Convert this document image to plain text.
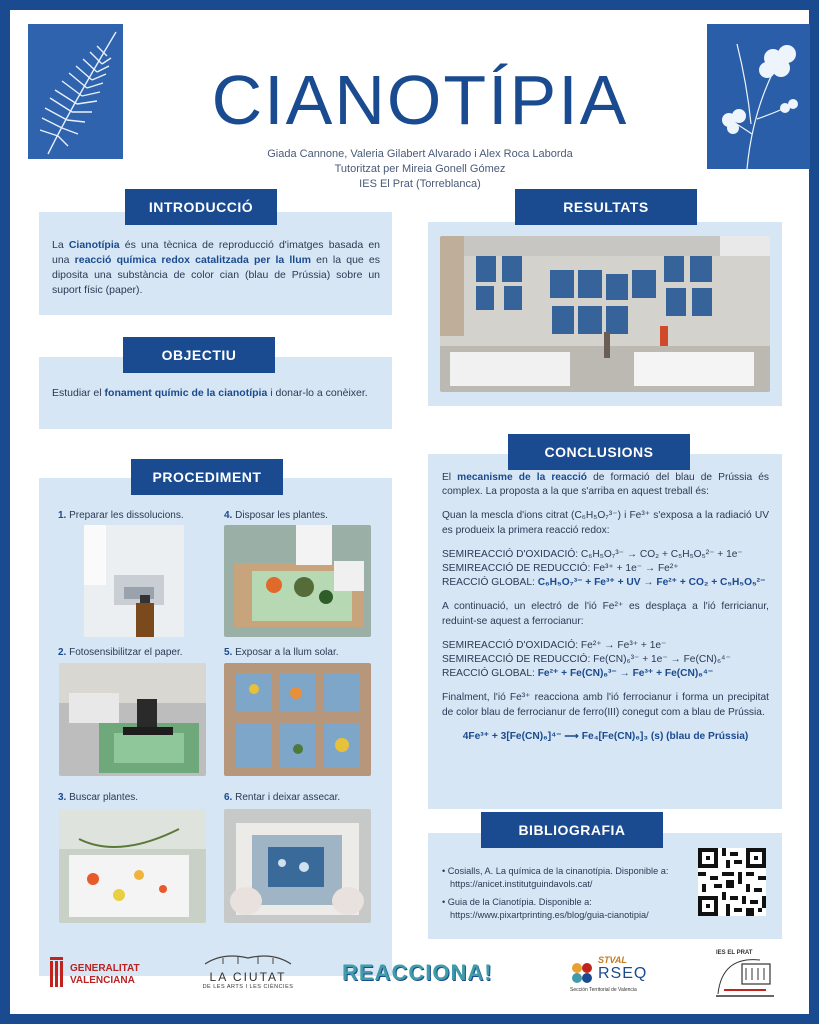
CIANOTÍPIA
Giada Cannone, Valeria Gilabert Alvarado i Alex Roca Laborda
Tutoritzat per Mireia Gonell Gómez
IES El Prat (Torreblanca)
INTRODUCCIÓ
La Cianotípia és una tècnica de reproducció d'imatges basada en una reacció química redox catalitzada per la llum en la que es diposita una substància de color cian (blau de Prússia) sobre un suport físic (paper).
OBJECTIU
Estudiar el fonament químic de la cianotípia i donar-lo a conèixer.
PROCEDIMENT
1. Preparar les dissolucions.	4. Disposar les plantes.
2. Fotosensibilitzar el paper.	5. Exposar a la llum solar.
3. Buscar plantes.	6. Rentar i deixar assecar.
RESULTATS
CONCLUSIONS
El mecanisme de la reacció de formació del blau de Prússia és complex. La proposta a la que s'arriba en aquest treball és:
Quan la mescla d'ions citrat (C₆H₅O₇³⁻) i Fe³⁺ s'exposa a la radiació UV es produeix la primera reacció redox:
SEMIREACCIÓ D'OXIDACIÓ: C₆H₅O₇³⁻ → CO₂ + C₅H₅O₅²⁻ + 1e⁻
SEMIREACCIÓ DE REDUCCIÓ: Fe³⁺ + 1e⁻ → Fe²⁺
REACCIÓ GLOBAL: C₆H₅O₇³⁻ + Fe³⁺ + UV → Fe²⁺ + CO₂ + C₅H₅O₅²⁻
A continuació, un electró de l'ió Fe²⁺ es desplaça a l'ió ferricianur, reduint-se aquest a ferrocianur:
SEMIREACCIÓ D'OXIDACIÓ: Fe²⁺ → Fe³⁺ + 1e⁻
SEMIREACCIÓ DE REDUCCIÓ: Fe(CN)₆³⁻ + 1e⁻ → Fe(CN)₆⁴⁻
REACCIÓ GLOBAL: Fe²⁺ + Fe(CN)₆³⁻ → Fe³⁺ + Fe(CN)₆⁴⁻
Finalment, l'ió Fe³⁺ reacciona amb l'ió ferrocianur i forma un precipitat de color blau de ferrocianur de ferro(III) conegut com a blau de Prússia.
4Fe³⁺ + 3[Fe(CN)₆]⁴⁻ ⟶ Fe₄[Fe(CN)₆]₃ (s) (blau de Prússia)
BIBLIOGRAFIA
• Cosialls, A. La química de la cinanotípia. Disponible a: https://anicet.institutguindavols.cat/
• Guia de la Cianotípia. Disponible a: https://www.pixartprinting.es/blog/guia-cianotipia/
GENERALITAT
VALENCIANA	LA CIUTAT
DE LES ARTS I LES CIÈNCIES
REACCIONA!	STVAL
RSEQ
Sección Territorial de Valencia
IES EL PRAT
